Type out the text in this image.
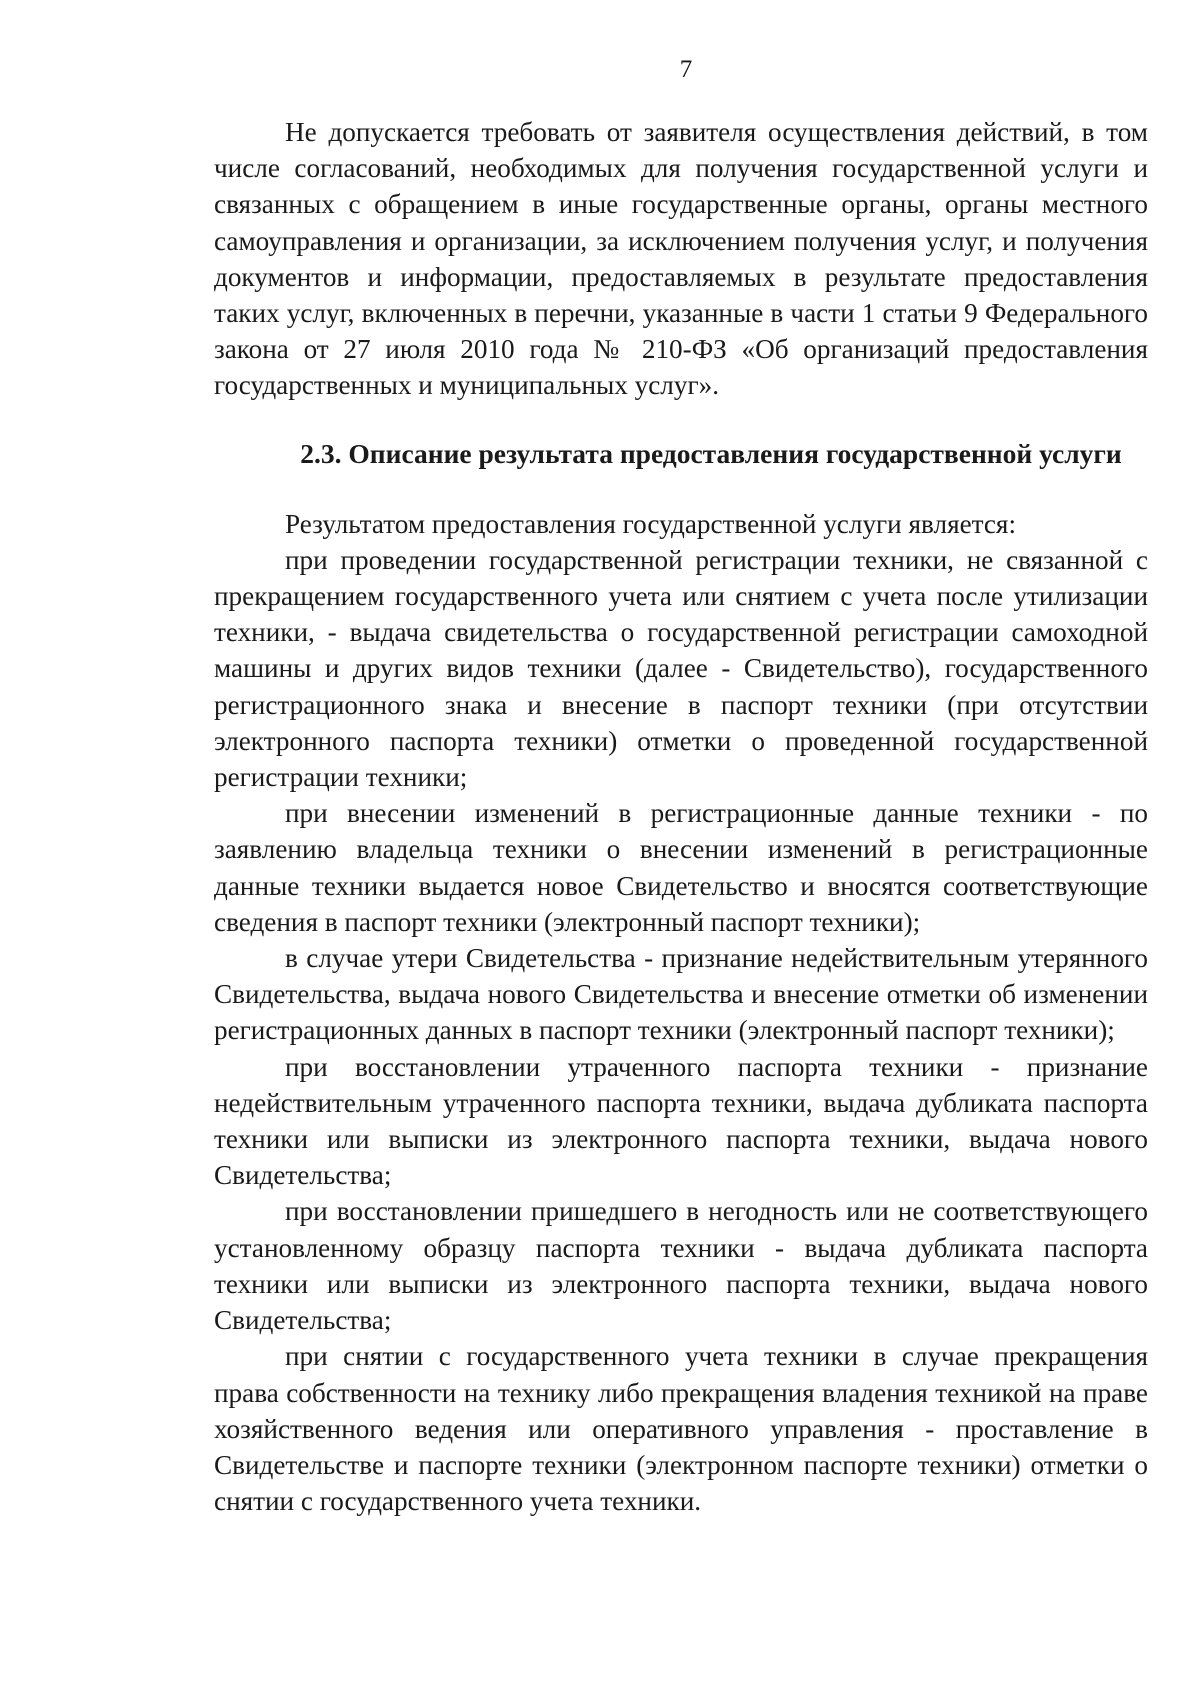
7

Не допускается требовать от заявителя осуществления действий, в том числе согласований, необходимых для получения государственной услуги и связанных с обращением в иные государственные органы, органы местного самоуправления и организации, за исключением получения услуг, и получения документов и информации, предоставляемых в результате предоставления таких услуг, включенных в перечни, указанные в части 1 статьи 9 Федерального закона от 27 июля 2010 года № 210-ФЗ «Об организаций предоставления государственных и муниципальных услуг».

2.3. Описание результата предоставления государственной услуги

Результатом предоставления государственной услуги является:

при проведении государственной регистрации техники, не связанной с прекращением государственного учета или снятием с учета после утилизации техники, - выдача свидетельства о государственной регистрации самоходной машины и других видов техники (далее - Свидетельство), государственного регистрационного знака и внесение в паспорт техники (при отсутствии электронного паспорта техники) отметки о проведенной государственной регистрации техники;

при внесении изменений в регистрационные данные техники - по заявлению владельца техники о внесении изменений в регистрационные данные техники выдается новое Свидетельство и вносятся соответствующие сведения в паспорт техники (электронный паспорт техники);

в случае утери Свидетельства - признание недействительным утерянного Свидетельства, выдача нового Свидетельства и внесение отметки об изменении регистрационных данных в паспорт техники (электронный паспорт техники);

при восстановлении утраченного паспорта техники - признание недействительным утраченного паспорта техники, выдача дубликата паспорта техники или выписки из электронного паспорта техники, выдача нового Свидетельства;

при восстановлении пришедшего в негодность или не соответствующего установленному образцу паспорта техники - выдача дубликата паспорта техники или выписки из электронного паспорта техники, выдача нового Свидетельства;

при снятии с государственного учета техники в случае прекращения права собственности на технику либо прекращения владения техникой на праве хозяйственного ведения или оперативного управления - проставление в Свидетельстве и паспорте техники (электронном паспорте техники) отметки о снятии с государственного учета техники.
